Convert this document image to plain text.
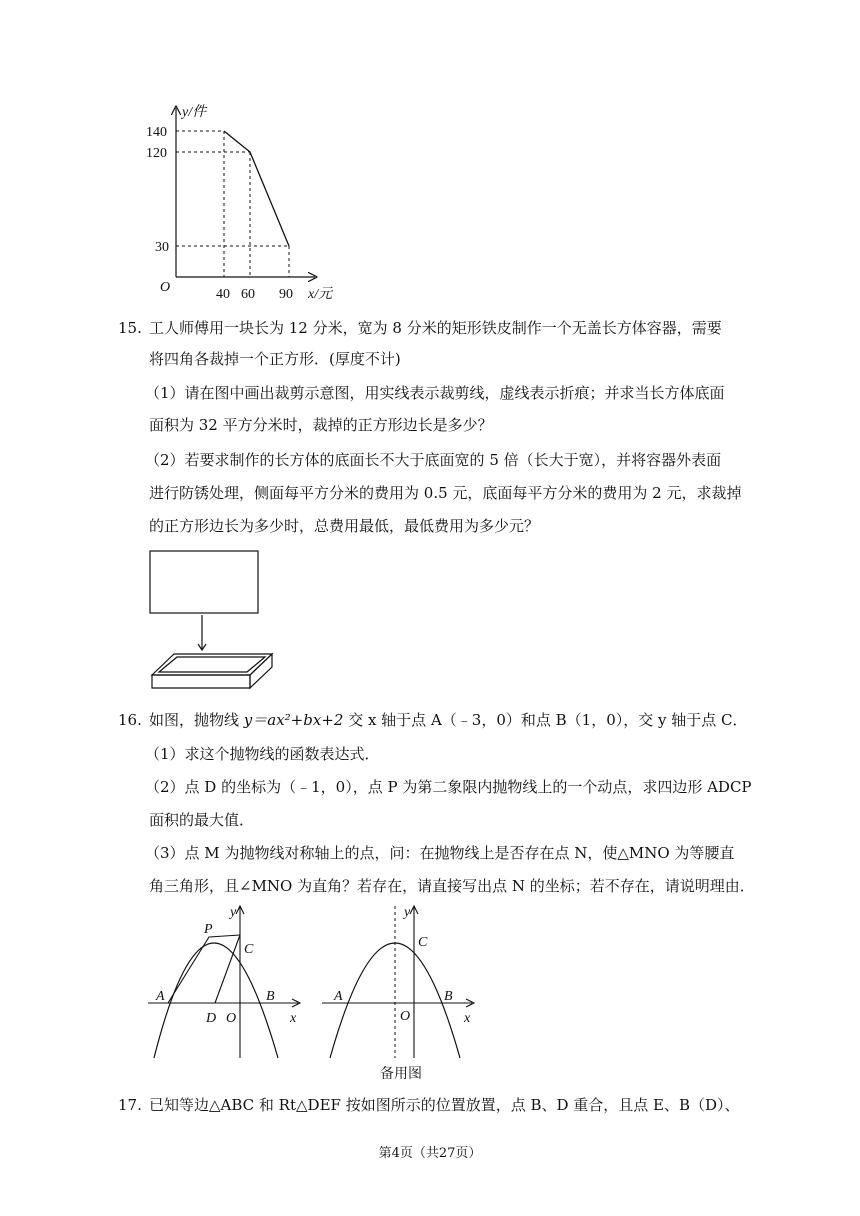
y/件
x/元
O
140
120
30
40 60 90
15. 工人师傅用一块长为 12 分米，宽为 8 分米的矩形铁皮制作一个无盖长方体容器，需要
将四角各裁掉一个正方形．(厚度不计)
（1）请在图中画出裁剪示意图，用实线表示裁剪线，虚线表示折痕；并求当长方体底面
面积为 32 平方分米时，裁掉的正方形边长是多少？
（2）若要求制作的长方体的底面长不大于底面宽的 5 倍（长大于宽），并将容器外表面
进行防锈处理，侧面每平方分米的费用为 0.5 元，底面每平方分米的费用为 2 元，求裁掉
的正方形边长为多少时，总费用最低，最低费用为多少元？
16. 如图，抛物线 y＝ax²+bx+2 交 x 轴于点 A（﹣3，0）和点 B（1，0），交 y 轴于点 C．
（1）求这个抛物线的函数表达式．
（2）点 D 的坐标为（﹣1，0），点 P 为第二象限内抛物线上的一个动点，求四边形 ADCP
面积的最大值．
（3）点 M 为抛物线对称轴上的点，问：在抛物线上是否存在点 N，使△MNO 为等腰直
角三角形，且∠MNO 为直角？若存在，请直接写出点 N 的坐标；若不存在，请说明理由．
y
x
P
C
A	B
D O
y
x
C
A	B
O
备用图
17. 已知等边△ABC 和 Rt△DEF 按如图所示的位置放置，点 B、D 重合，且点 E、B（D）、
第4页（共27页）
